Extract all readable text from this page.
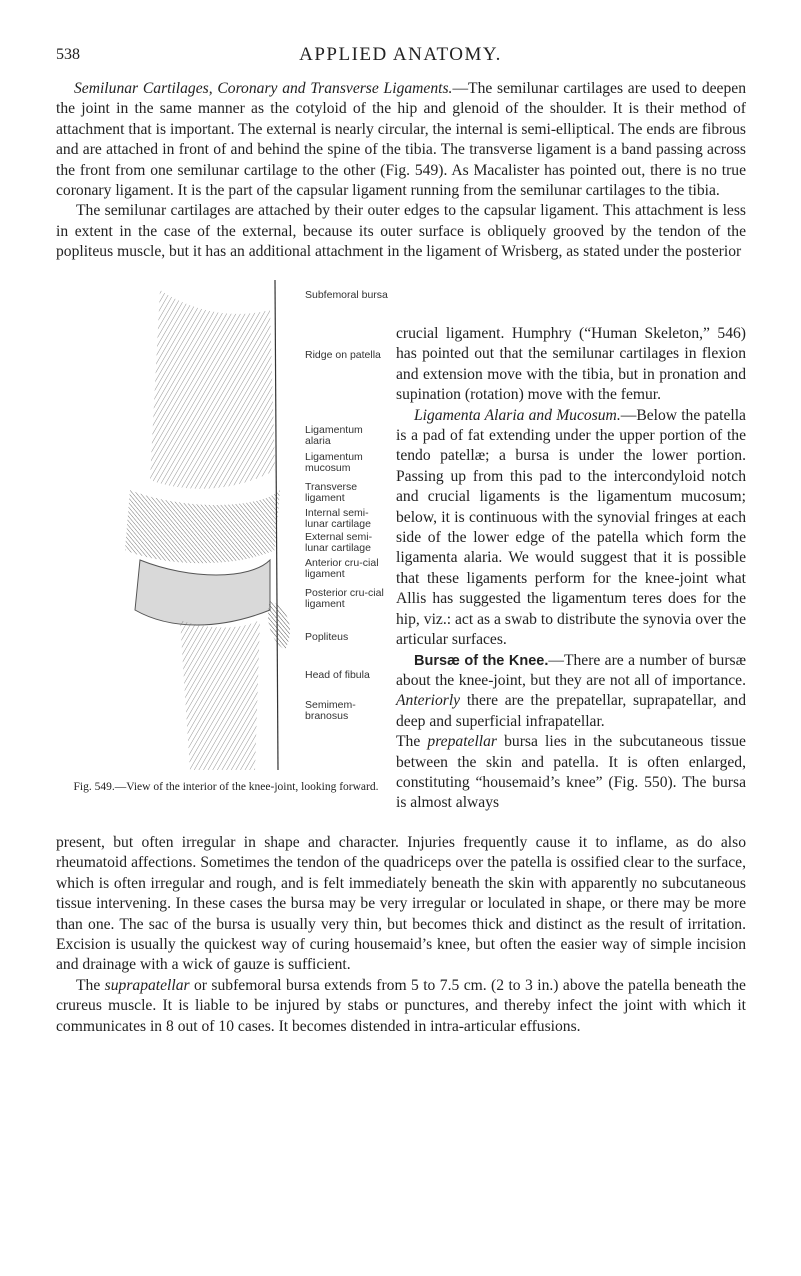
538	APPLIED ANATOMY.

Semilunar Cartilages, Coronary and Transverse Ligaments.—The semilunar cartilages are used to deepen the joint in the same manner as the cotyloid of the hip and glenoid of the shoulder. It is their method of attachment that is important. The external is nearly circular, the internal is semi-elliptical. The ends are fibrous and are attached in front of and behind the spine of the tibia. The transverse ligament is a band passing across the front from one semilunar cartilage to the other (Fig. 549). As Macalister has pointed out, there is no true coronary ligament. It is the part of the capsular ligament running from the semilunar cartilages to the tibia.

The semilunar cartilages are attached by their outer edges to the capsular ligament. This attachment is less in extent in the case of the external, because its outer surface is obliquely grooved by the tendon of the popliteus muscle, but it has an additional attachment in the ligament of Wrisberg, as stated under the posterior

crucial ligament. Humphry (“Human Skeleton,” 546) has pointed out that the semilunar cartilages in flexion and extension move with the tibia, but in pronation and supination (rotation) move with the femur.

Ligamenta Alaria and Mucosum.—Below the patella is a pad of fat extending under the upper portion of the tendo patellæ; a bursa is under the lower portion. Passing up from this pad to the intercondyloid notch and crucial ligaments is the ligamentum mucosum; below, it is continuous with the synovial fringes at each side of the lower edge of the patella which form the ligamenta alaria. We would suggest that it is possible that these ligaments perform for the knee-joint what Allis has suggested the ligamentum teres does for the hip, viz.: act as a swab to distribute the synovia over the articular surfaces.

Bursæ of the Knee.—There are a number of bursæ about the knee-joint, but they are not all of importance. Anteriorly there are the prepatellar, suprapatellar, and deep and superficial infrapatellar.

The prepatellar bursa lies in the subcutaneous tissue between the skin and patella. It is often enlarged, constituting “housemaid’s knee” (Fig. 550). The bursa is almost always

Subfemoral bursa
Ridge on patella
Ligamentum alaria
Ligamentum mucosum
Transverse ligament
Internal semi-lunar cartilage
External semi-lunar cartilage
Anterior cru-cial ligament
Posterior cru-cial ligament
Popliteus
Head of fibula
Semimem-branosus
Fig. 549.—View of the interior of the knee-joint, looking forward.

present, but often irregular in shape and character. Injuries frequently cause it to inflame, as do also rheumatoid affections. Sometimes the tendon of the quadriceps over the patella is ossified clear to the surface, which is often irregular and rough, and is felt immediately beneath the skin with apparently no subcutaneous tissue intervening. In these cases the bursa may be very irregular or loculated in shape, or there may be more than one. The sac of the bursa is usually very thin, but becomes thick and distinct as the result of irritation. Excision is usually the quickest way of curing housemaid’s knee, but often the easier way of simple incision and drainage with a wick of gauze is sufficient.

The suprapatellar or subfemoral bursa extends from 5 to 7.5 cm. (2 to 3 in.) above the patella beneath the crureus muscle. It is liable to be injured by stabs or punctures, and thereby infect the joint with which it communicates in 8 out of 10 cases. It becomes distended in intra-articular effusions.
